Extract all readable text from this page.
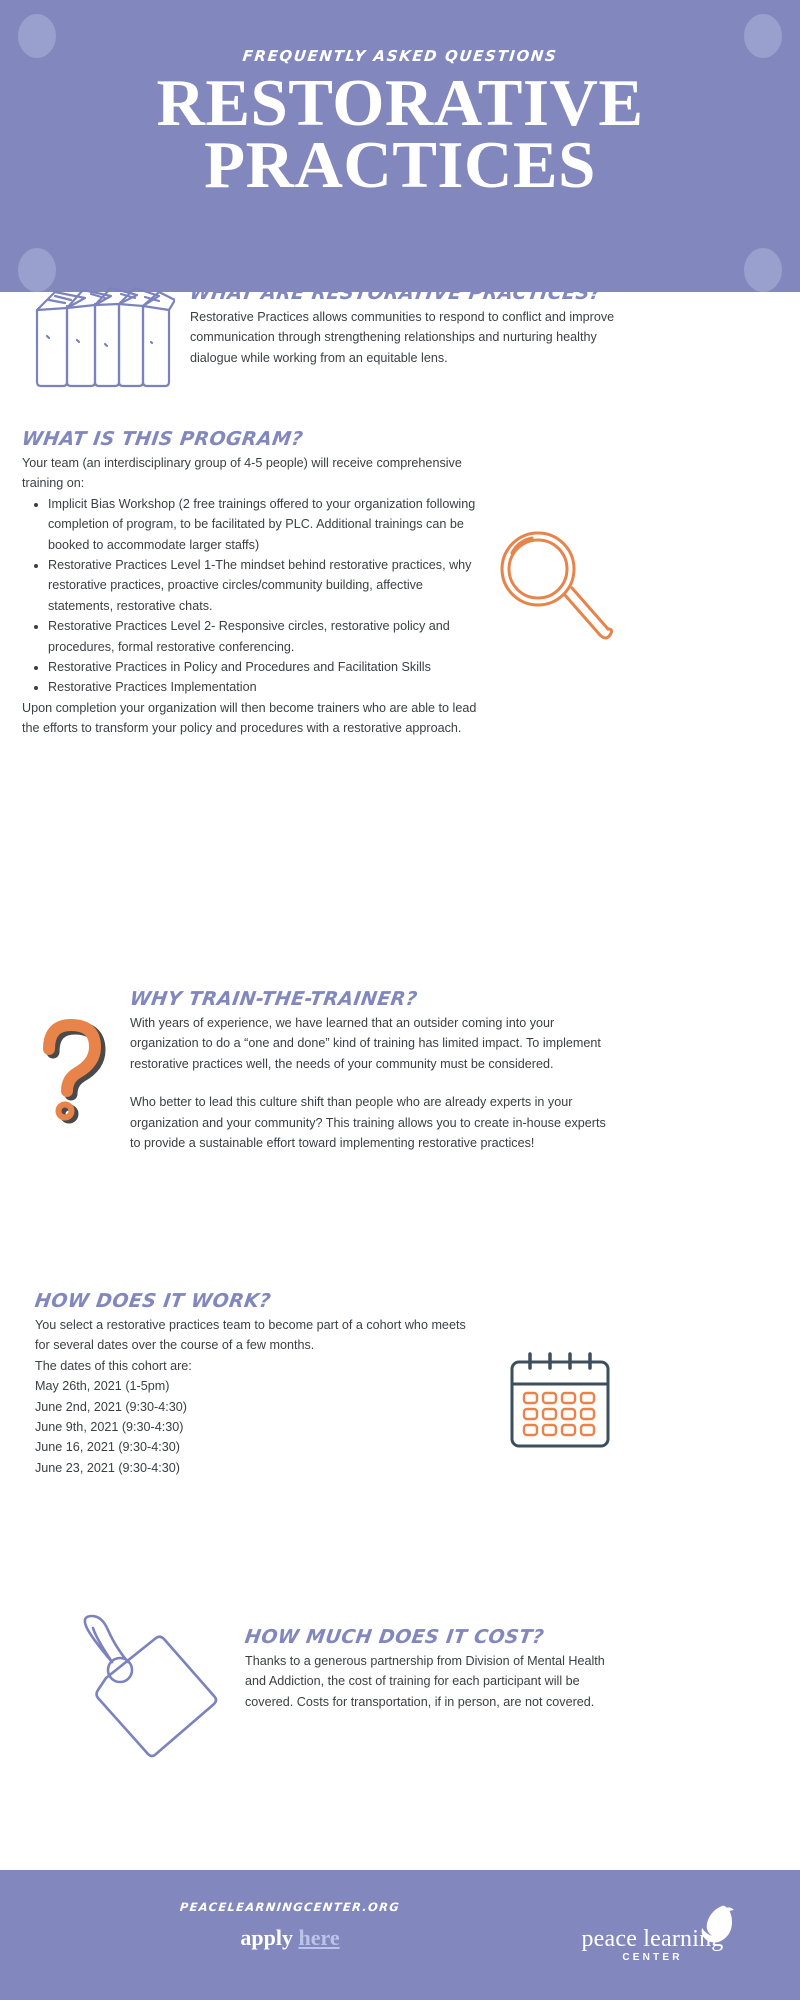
FREQUENTLY ASKED QUESTIONS
RESTORATIVE
PRACTICES
WHAT ARE RESTORATIVE PRACTICES?
Restorative Practices allows communities to respond to conflict and improve communication through strengthening relationships and nurturing healthy dialogue while working from an equitable lens.
WHAT IS THIS PROGRAM?
Your team (an interdisciplinary group of 4-5 people) will receive comprehensive training on:
• Implicit Bias Workshop (2 free trainings offered to your organization following completion of program, to be facilitated by PLC. Additional trainings can be booked to accommodate larger staffs)
• Restorative Practices Level 1-The mindset behind restorative practices, why restorative practices, proactive circles/community building, affective statements, restorative chats.
• Restorative Practices Level 2- Responsive circles, restorative policy and procedures, formal restorative conferencing.
• Restorative Practices in Policy and Procedures and Facilitation Skills
• Restorative Practices Implementation
Upon completion your organization will then become trainers who are able to lead the efforts to transform your policy and procedures with a restorative approach.
WHY TRAIN-THE-TRAINER?
With years of experience, we have learned that an outsider coming into your organization to do a “one and done” kind of training has limited impact. To implement restorative practices well, the needs of your community must be considered.
Who better to lead this culture shift than people who are already experts in your organization and your community? This training allows you to create in-house experts to provide a sustainable effort toward implementing restorative practices!
HOW DOES IT WORK?
You select a restorative practices team to become part of a cohort who meets for several dates over the course of a few months.
The dates of this cohort are:
May 26th, 2021 (1-5pm)
June 2nd, 2021 (9:30-4:30)
June 9th, 2021 (9:30-4:30)
June 16, 2021 (9:30-4:30)
June 23, 2021 (9:30-4:30)
HOW MUCH DOES IT COST?
Thanks to a generous partnership from Division of Mental Health and Addiction, the cost of training for each participant will be covered. Costs for transportation, if in person, are not covered.
PEACELEARNINGCENTER.ORG
apply here	peace learning
CENTER
